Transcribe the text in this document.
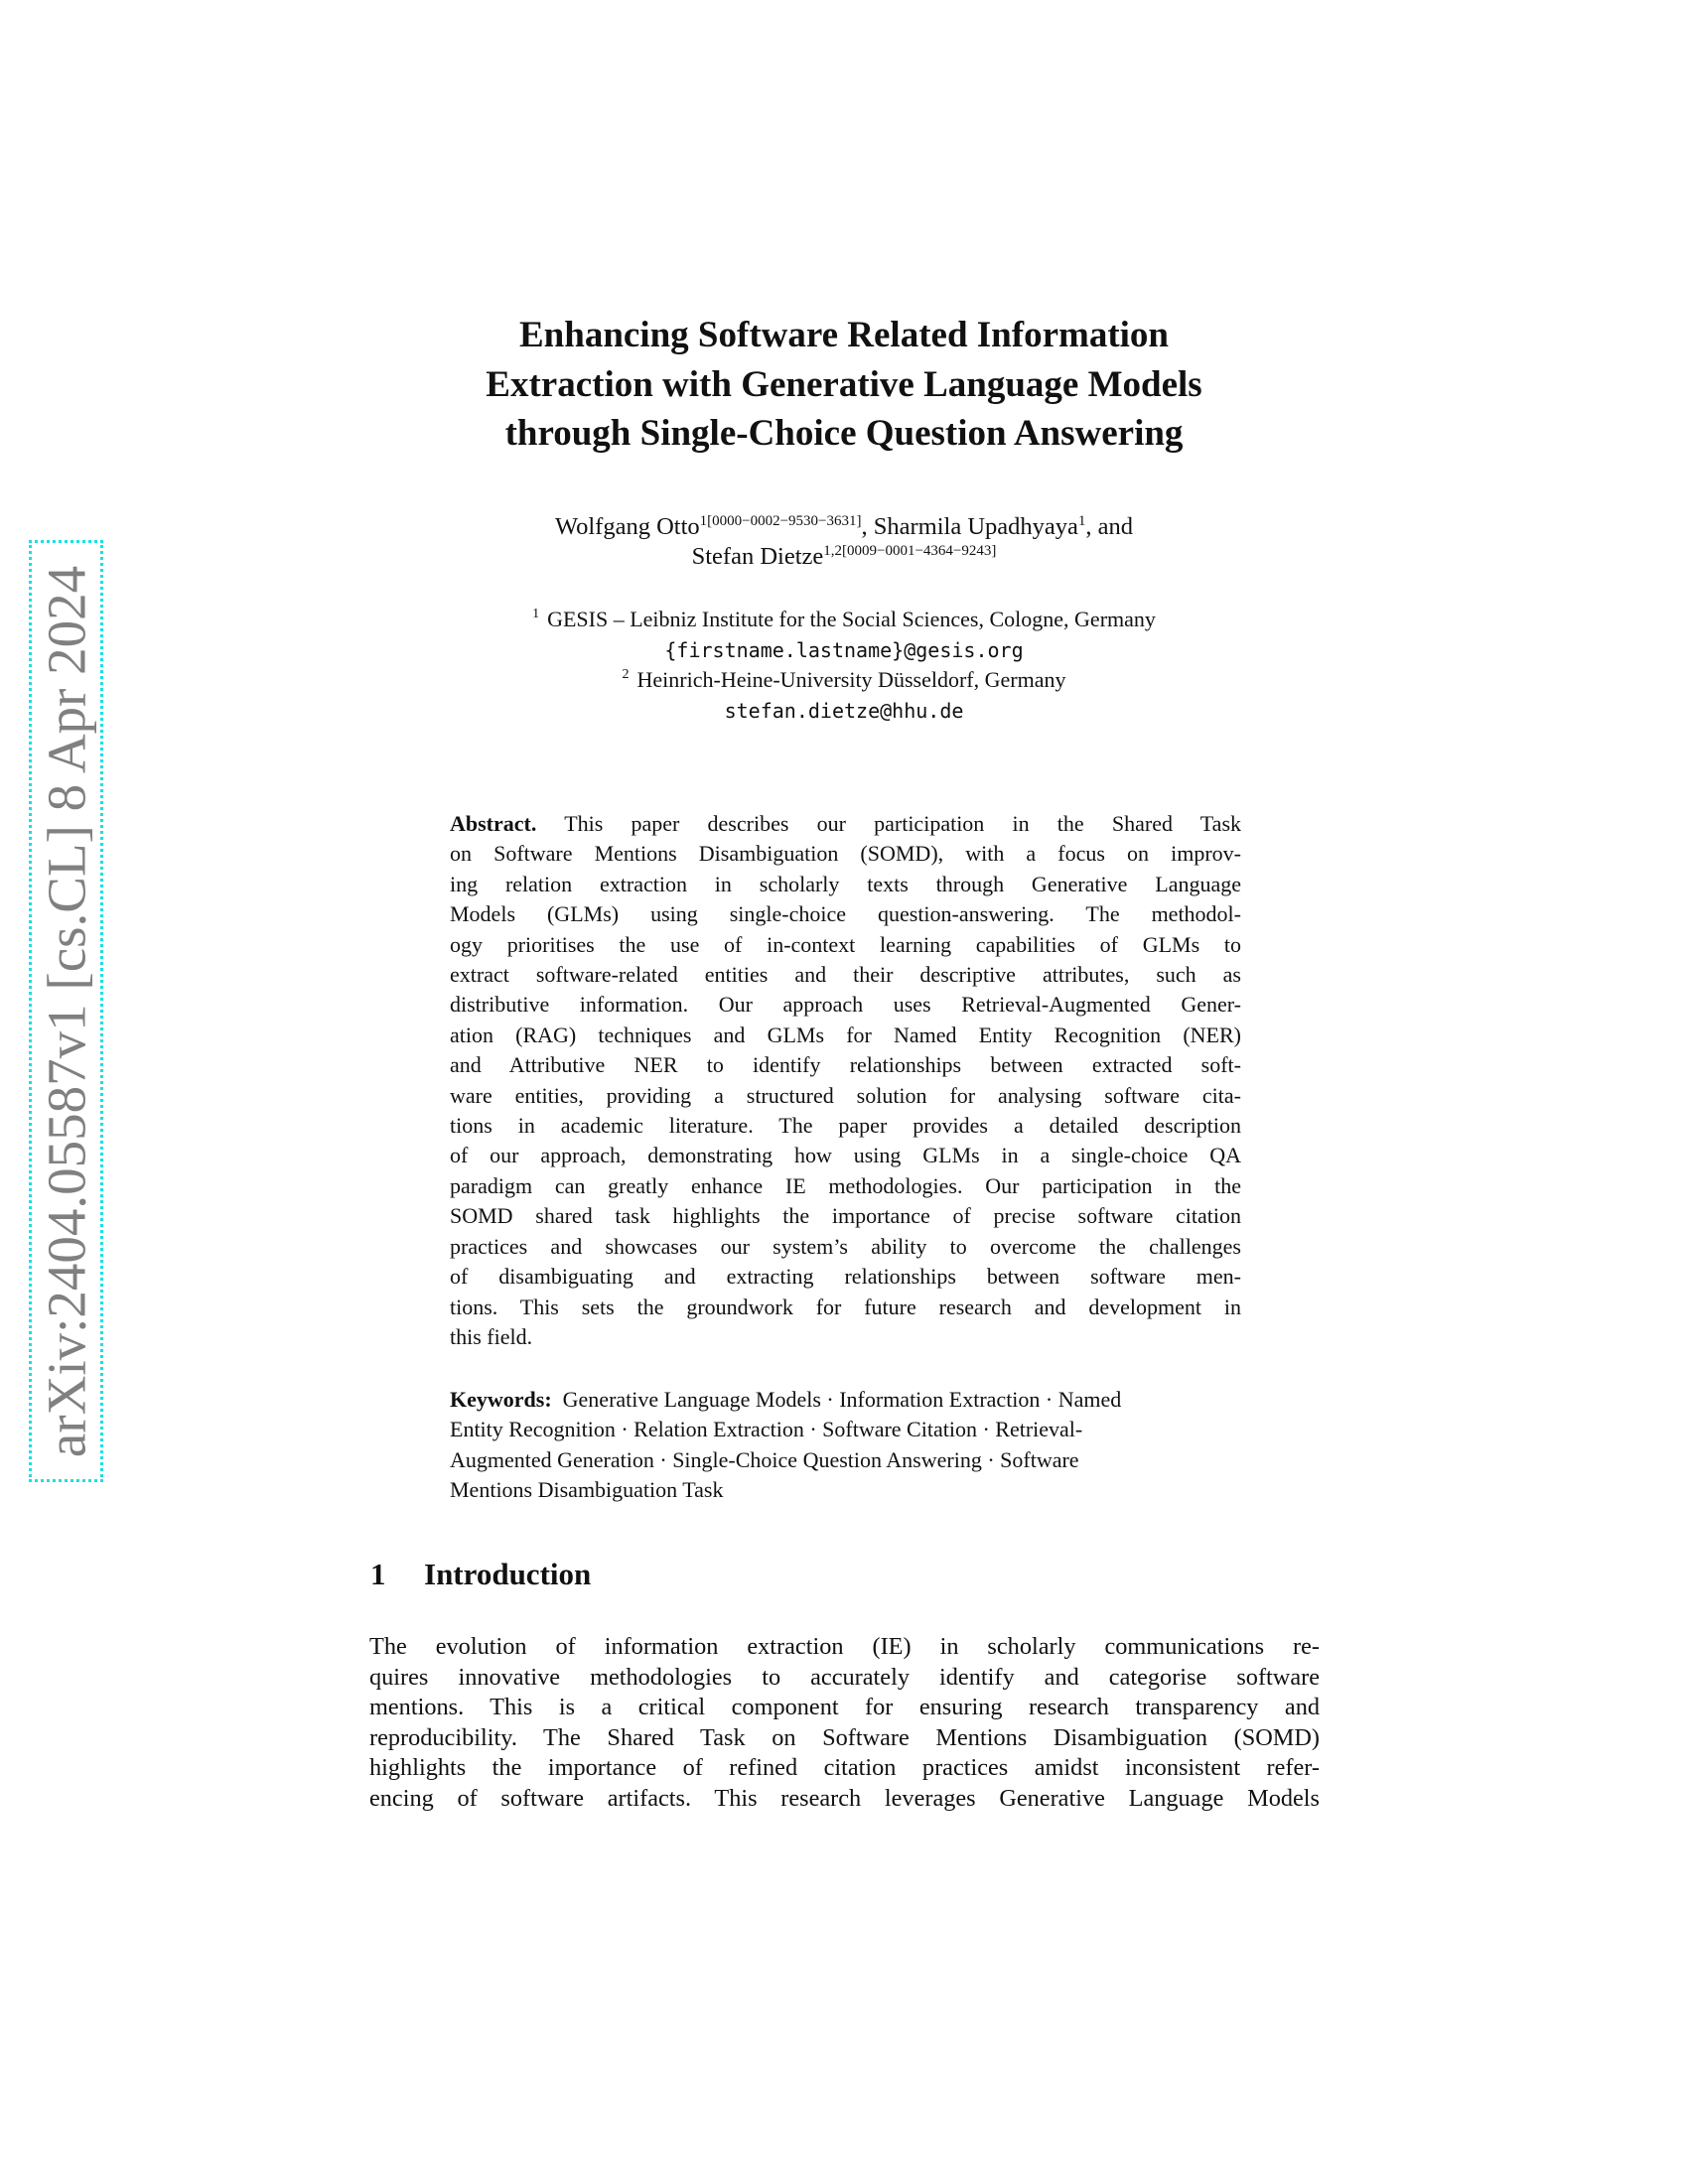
arXiv:2404.05587v1 [cs.CL] 8 Apr 2024
Enhancing Software Related Information
Extraction with Generative Language Models
through Single-Choice Question Answering
Wolfgang Otto$^{1[0000-0002-9530-3631]}$, Sharmila Upadhyaya$^1$, and
Stefan Dietze$^{1,2[0009-0001-4364-9243]}$
$^1$ GESIS – Leibniz Institute for the Social Sciences, Cologne, Germany
{firstname.lastname}@gesis.org
$^2$ Heinrich-Heine-University Düsseldorf, Germany
stefan.dietze@hhu.de
Abstract. This paper describes our participation in the Shared Task
on Software Mentions Disambiguation (SOMD), with a focus on improv-
ing relation extraction in scholarly texts through Generative Language
Models (GLMs) using single-choice question-answering. The methodol-
ogy prioritises the use of in-context learning capabilities of GLMs to
extract software-related entities and their descriptive attributes, such as
distributive information. Our approach uses Retrieval-Augmented Gener-
ation (RAG) techniques and GLMs for Named Entity Recognition (NER)
and Attributive NER to identify relationships between extracted soft-
ware entities, providing a structured solution for analysing software cita-
tions in academic literature. The paper provides a detailed description
of our approach, demonstrating how using GLMs in a single-choice QA
paradigm can greatly enhance IE methodologies. Our participation in the
SOMD shared task highlights the importance of precise software citation
practices and showcases our system’s ability to overcome the challenges
of disambiguating and extracting relationships between software men-
tions. This sets the groundwork for future research and development in
this field.
Keywords: Generative Language Models · Information Extraction · Named
Entity Recognition · Relation Extraction · Software Citation · Retrieval-
Augmented Generation · Single-Choice Question Answering · Software
Mentions Disambiguation Task
1 Introduction
The evolution of information extraction (IE) in scholarly communications re-
quires innovative methodologies to accurately identify and categorise software
mentions. This is a critical component for ensuring research transparency and
reproducibility. The Shared Task on Software Mentions Disambiguation (SOMD)
highlights the importance of refined citation practices amidst inconsistent refer-
encing of software artifacts. This research leverages Generative Language Models
